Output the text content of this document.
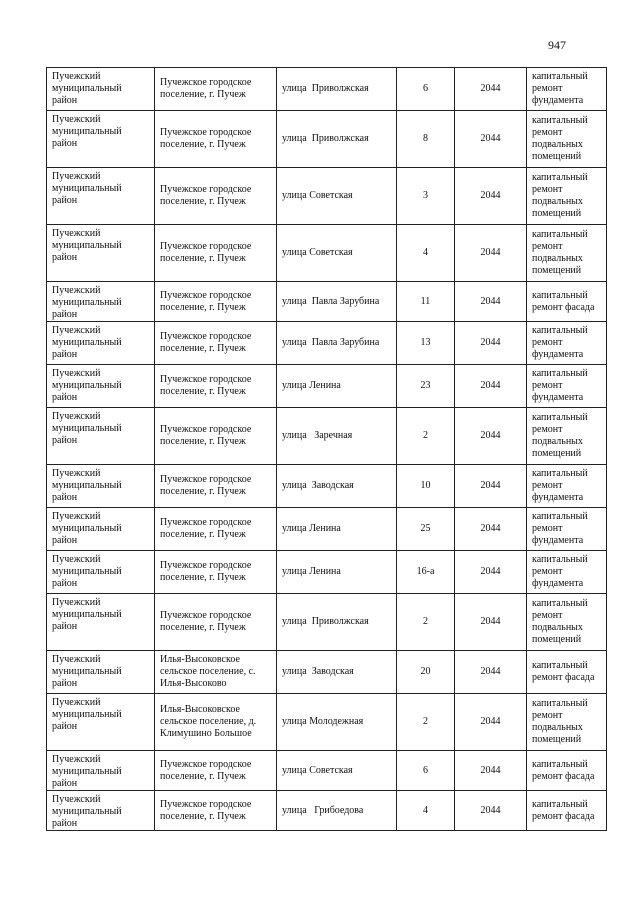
947
Пучежский муниципальный район	Пучежское городское поселение, г. Пучеж	улица  Приволжская	6	2044	капитальный ремонт фундамента
Пучежский муниципальный район	Пучежское городское поселение, г. Пучеж	улица  Приволжская	8	2044	капитальный ремонт подвальных помещений
Пучежский муниципальный район	Пучежское городское поселение, г. Пучеж	улица Советская	3	2044	капитальный ремонт подвальных помещений
Пучежский муниципальный район	Пучежское городское поселение, г. Пучеж	улица Советская	4	2044	капитальный ремонт подвальных помещений
Пучежский муниципальный район	Пучежское городское поселение, г. Пучеж	улица  Павла Зарубина	11	2044	капитальный ремонт фасада
Пучежский муниципальный район	Пучежское городское поселение, г. Пучеж	улица  Павла Зарубина	13	2044	капитальный ремонт фундамента
Пучежский муниципальный район	Пучежское городское поселение, г. Пучеж	улица Ленина	23	2044	капитальный ремонт фундамента
Пучежский муниципальный район	Пучежское городское поселение, г. Пучеж	улица   Заречная	2	2044	капитальный ремонт подвальных помещений
Пучежский муниципальный район	Пучежское городское поселение, г. Пучеж	улица  Заводская	10	2044	капитальный ремонт фундамента
Пучежский муниципальный район	Пучежское городское поселение, г. Пучеж	улица Ленина	25	2044	капитальный ремонт фундамента
Пучежский муниципальный район	Пучежское городское поселение, г. Пучеж	улица Ленина	16-а	2044	капитальный ремонт фундамента
Пучежский муниципальный район	Пучежское городское поселение, г. Пучеж	улица  Приволжская	2	2044	капитальный ремонт подвальных помещений
Пучежский муниципальный район	Илья-Высоковское сельское поселение, с. Илья-Высоково	улица  Заводская	20	2044	капитальный ремонт фасада
Пучежский муниципальный район	Илья-Высоковское сельское поселение, д. Климушино Большое	улица Молодежная	2	2044	капитальный ремонт подвальных помещений
Пучежский муниципальный район	Пучежское городское поселение, г. Пучеж	улица Советская	6	2044	капитальный ремонт фасада
Пучежский муниципальный район	Пучежское городское поселение, г. Пучеж	улица   Грибоедова	4	2044	капитальный ремонт фасада
